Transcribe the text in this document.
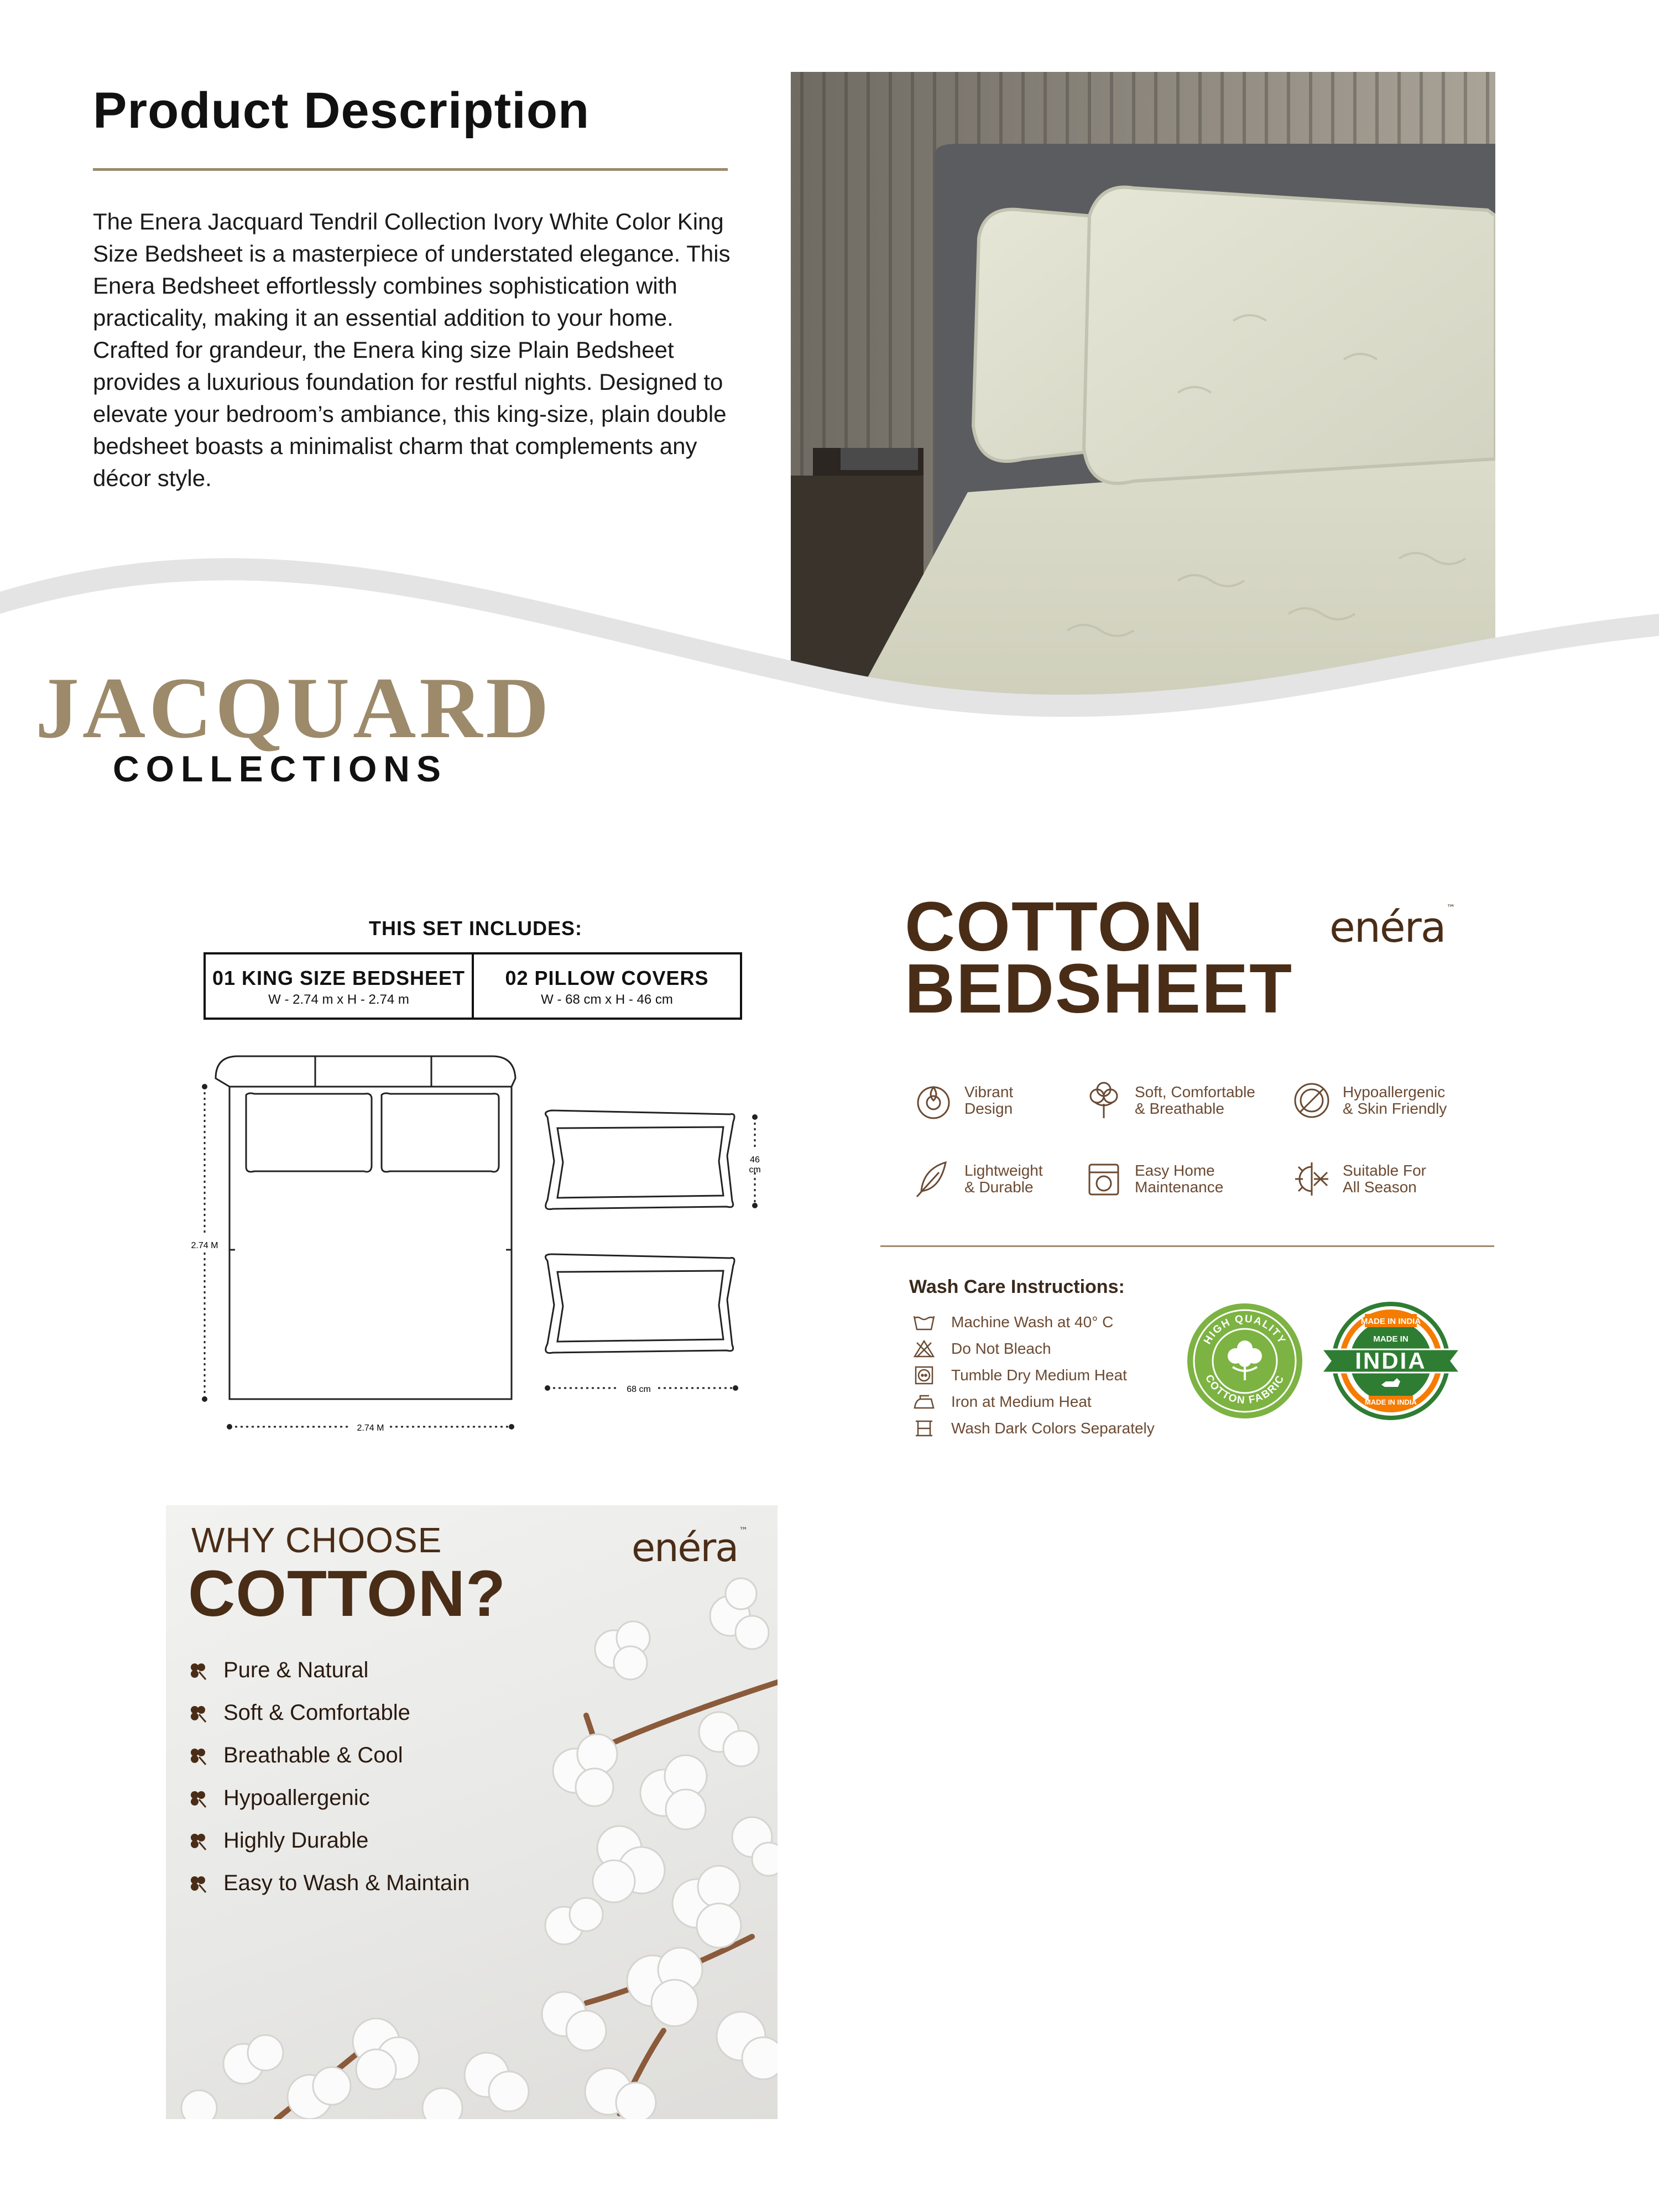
Product Description
The Enera Jacquard Tendril Collection Ivory White Color King Size Bedsheet is a masterpiece of understated elegance. This Enera Bedsheet effortlessly combines sophistication with practicality, making it an essential addition to your home. Crafted for grandeur, the Enera king size Plain Bedsheet provides a luxurious foundation for restful nights. Designed to elevate your bedroom’s ambiance, this king-size, plain double bedsheet boasts a minimalist charm that complements any décor style.
JACQUARD
COLLECTIONS
THIS SET INCLUDES:
01 KING SIZE BEDSHEET
W - 2.74 m x H - 2.74 m
02 PILLOW COVERS
W - 68 cm x H - 46 cm
2.74 M
2.74 M
46 cm
68 cm
COTTON
BEDSHEET
enéra ™
Vibrant
Design
Soft, Comfortable
& Breathable
Hypoallergenic
& Skin Friendly
Lightweight
& Durable
Easy Home
Maintenance
Suitable For
All Season
Wash Care Instructions:
Machine Wash at 40° C
Do Not Bleach
Tumble Dry Medium Heat
Iron at Medium Heat
Wash Dark Colors Separately
HIGH QUALITY
COTTON FABRIC
MADE IN INDIA
MADE IN
INDIA
MADE IN INDIA
WHY CHOOSE
COTTON?
enéra ™
Pure & Natural
Soft & Comfortable
Breathable & Cool
Hypoallergenic
Highly Durable
Easy to Wash & Maintain
